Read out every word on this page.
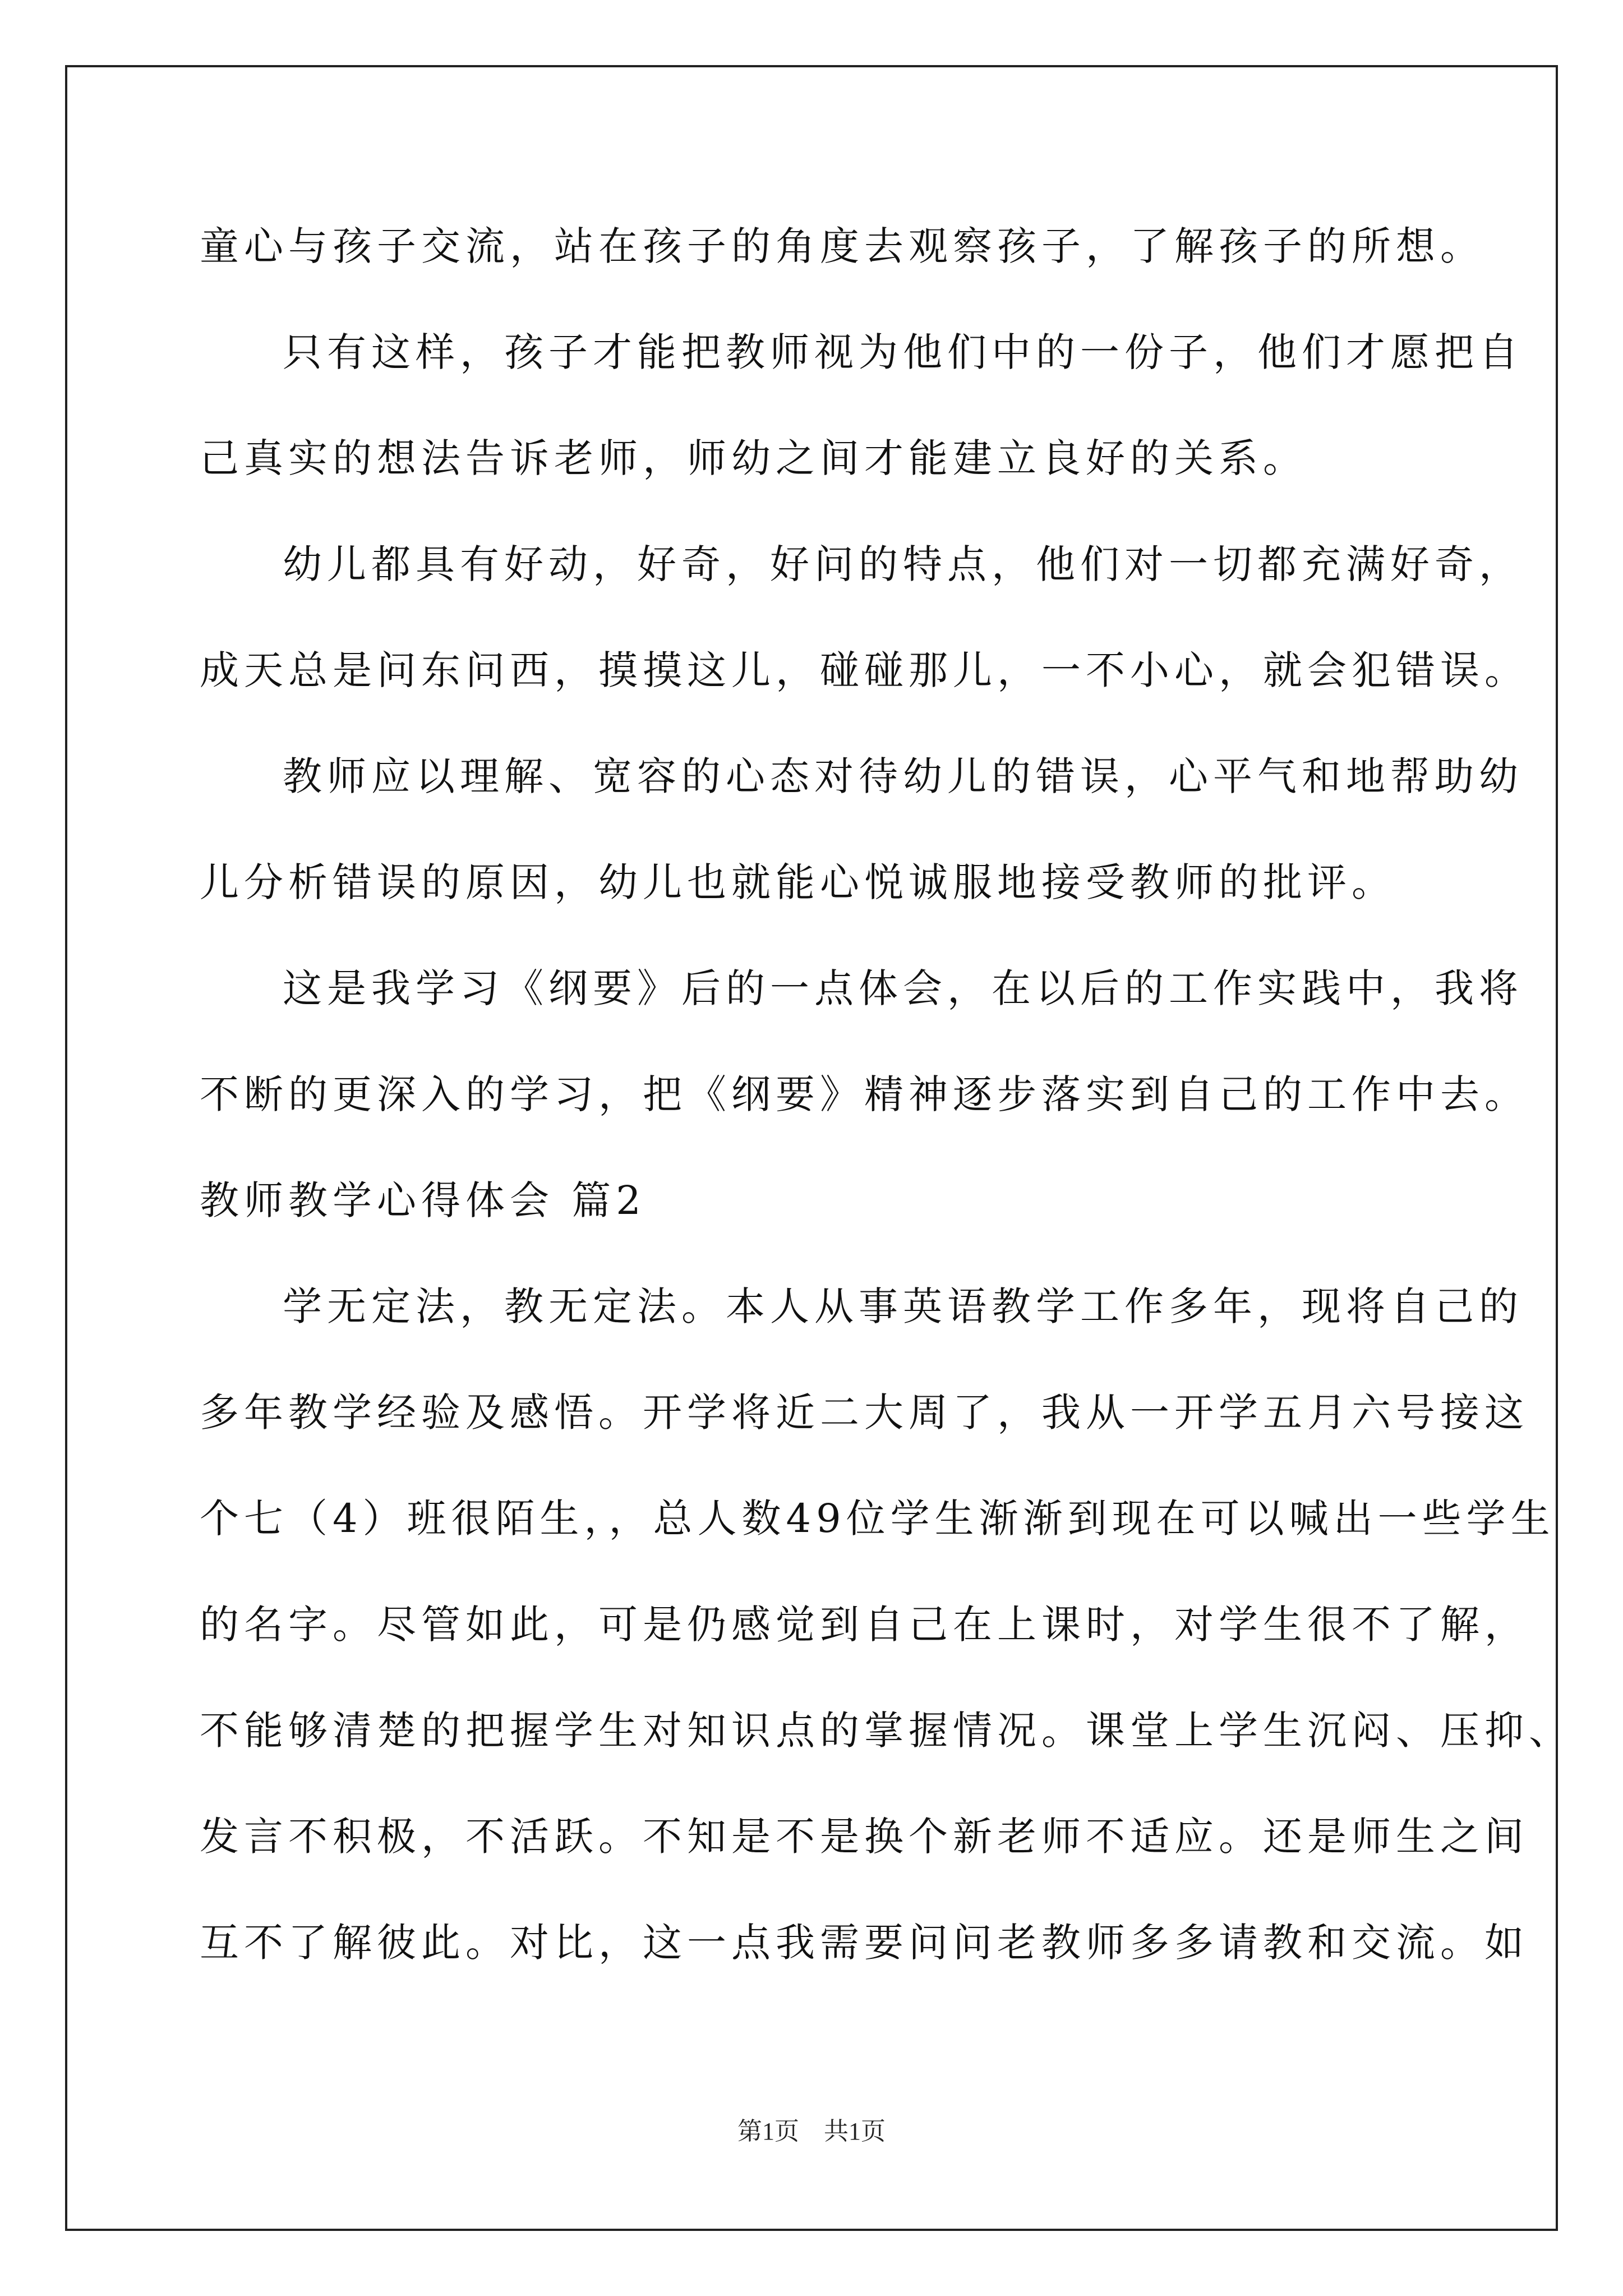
童心与孩子交流，站在孩子的角度去观察孩子，了解孩子的所想。
只有这样，孩子才能把教师视为他们中的一份子，他们才愿把自
己真实的想法告诉老师，师幼之间才能建立良好的关系。
幼儿都具有好动，好奇，好问的特点，他们对一切都充满好奇，
成天总是问东问西，摸摸这儿，碰碰那儿，一不小心，就会犯错误。
教师应以理解、宽容的心态对待幼儿的错误，心平气和地帮助幼
儿分析错误的原因，幼儿也就能心悦诚服地接受教师的批评。
这是我学习《纲要》后的一点体会，在以后的工作实践中，我将
不断的更深入的学习，把《纲要》精神逐步落实到自己的工作中去。
教师教学心得体会 篇2
学无定法，教无定法。本人从事英语教学工作多年，现将自己的
多年教学经验及感悟。开学将近二大周了，我从一开学五月六号接这
个七（4）班很陌生，，总人数49位学生渐渐到现在可以喊出一些学生
的名字。尽管如此，可是仍感觉到自己在上课时，对学生很不了解，
不能够清楚的把握学生对知识点的掌握情况。课堂上学生沉闷、压抑、
发言不积极，不活跃。不知是不是换个新老师不适应。还是师生之间
互不了解彼此。对比，这一点我需要问问老教师多多请教和交流。如
第1页　共1页
